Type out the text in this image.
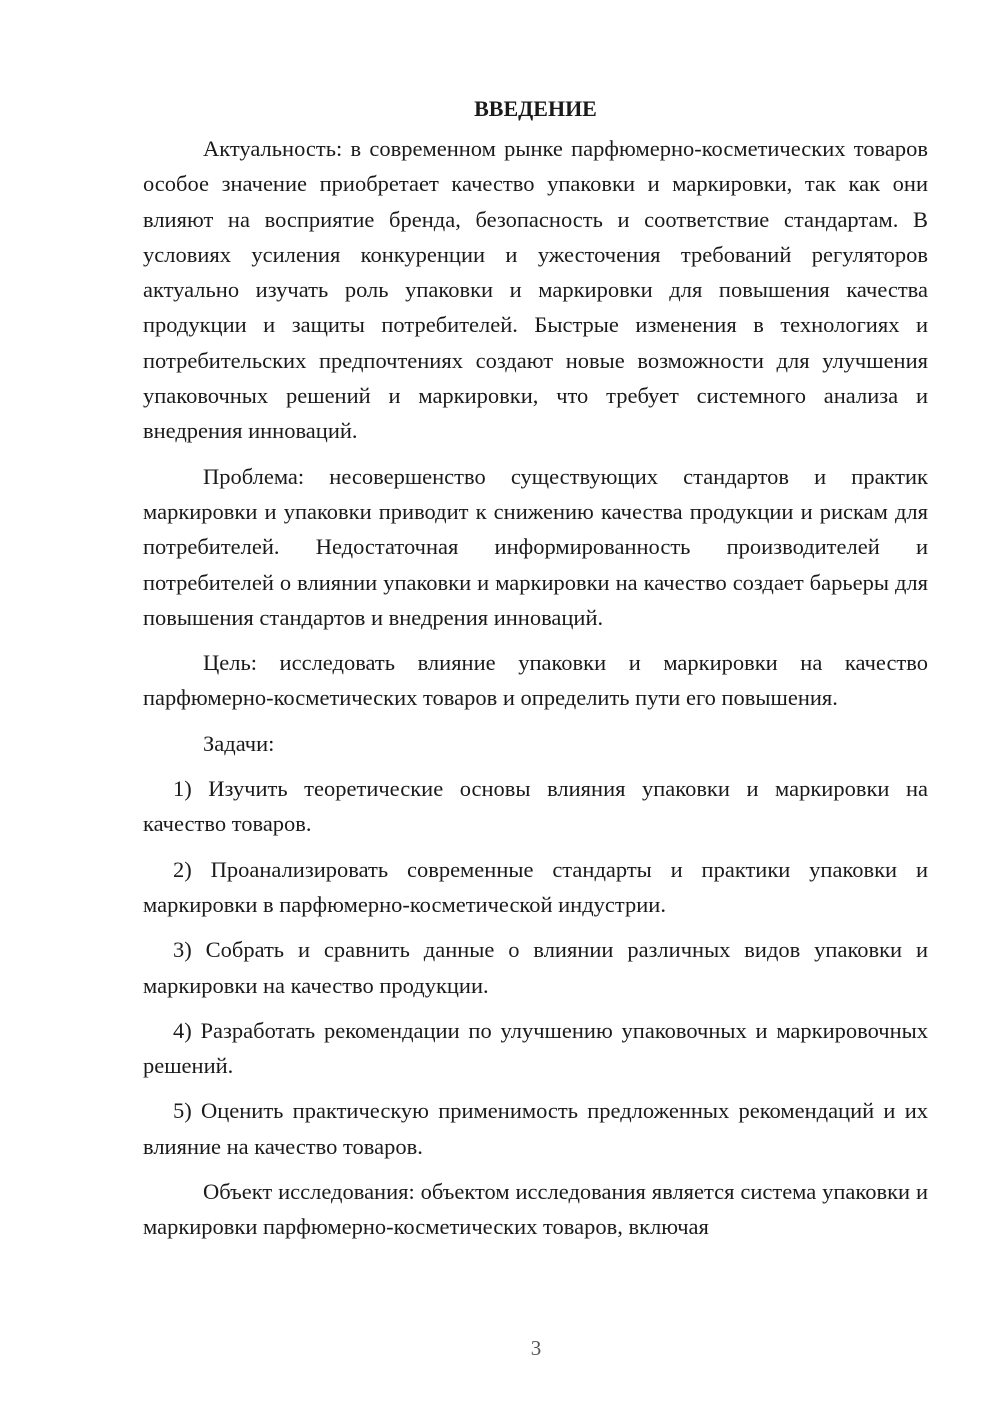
ВВЕДЕНИЕ

Актуальность: в современном рынке парфюмерно-косметических товаров особое значение приобретает качество упаковки и маркировки, так как они влияют на восприятие бренда, безопасность и соответствие стандартам. В условиях усиления конкуренции и ужесточения требований регуляторов актуально изучать роль упаковки и маркировки для повышения качества продукции и защиты потребителей. Быстрые изменения в технологиях и потребительских предпочтениях создают новые возможности для улучшения упаковочных решений и маркировки, что требует системного анализа и внедрения инноваций.

Проблема: несовершенство существующих стандартов и практик маркировки и упаковки приводит к снижению качества продукции и рискам для потребителей. Недостаточная информированность производителей и потребителей о влиянии упаковки и маркировки на качество создает барьеры для повышения стандартов и внедрения инноваций.

Цель: исследовать влияние упаковки и маркировки на качество парфюмерно-косметических товаров и определить пути его повышения.

Задачи:

1) Изучить теоретические основы влияния упаковки и маркировки на качество товаров.

2) Проанализировать современные стандарты и практики упаковки и маркировки в парфюмерно-косметической индустрии.

3) Собрать и сравнить данные о влиянии различных видов упаковки и маркировки на качество продукции.

4) Разработать рекомендации по улучшению упаковочных и маркировочных решений.

5) Оценить практическую применимость предложенных рекомендаций и их влияние на качество товаров.

Объект исследования: объектом исследования является система упаковки и маркировки парфюмерно-косметических товаров, включая

3
